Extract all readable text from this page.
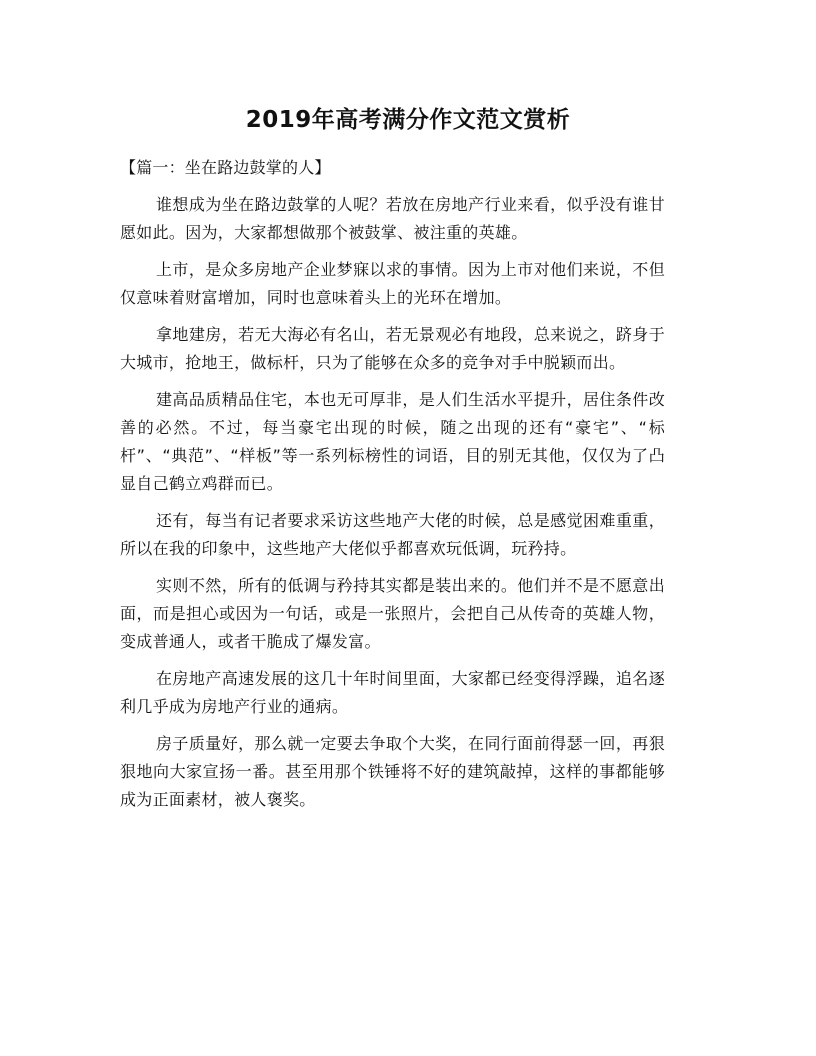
2019年高考满分作文范文赏析
【篇一：坐在路边鼓掌的人】

谁想成为坐在路边鼓掌的人呢？若放在房地产行业来看，似乎没有谁甘愿如此。因为，大家都想做那个被鼓掌、被注重的英雄。

上市，是众多房地产企业梦寐以求的事情。因为上市对他们来说，不但仅意味着财富增加，同时也意味着头上的光环在增加。

拿地建房，若无大海必有名山，若无景观必有地段，总来说之，跻身于大城市，抢地王，做标杆，只为了能够在众多的竞争对手中脱颖而出。

建高品质精品住宅，本也无可厚非，是人们生活水平提升，居住条件改善的必然。不过，每当豪宅出现的时候，随之出现的还有“豪宅”、“标杆”、“典范”、“样板”等一系列标榜性的词语，目的别无其他，仅仅为了凸显自己鹤立鸡群而已。

还有，每当有记者要求采访这些地产大佬的时候，总是感觉困难重重，所以在我的印象中，这些地产大佬似乎都喜欢玩低调，玩矜持。

实则不然，所有的低调与矜持其实都是装出来的。他们并不是不愿意出面，而是担心或因为一句话，或是一张照片，会把自己从传奇的英雄人物，变成普通人，或者干脆成了爆发富。

在房地产高速发展的这几十年时间里面，大家都已经变得浮躁，追名逐利几乎成为房地产行业的通病。

房子质量好，那么就一定要去争取个大奖，在同行面前得瑟一回，再狠狠地向大家宣扬一番。甚至用那个铁锤将不好的建筑敲掉，这样的事都能够成为正面素材，被人褒奖。
